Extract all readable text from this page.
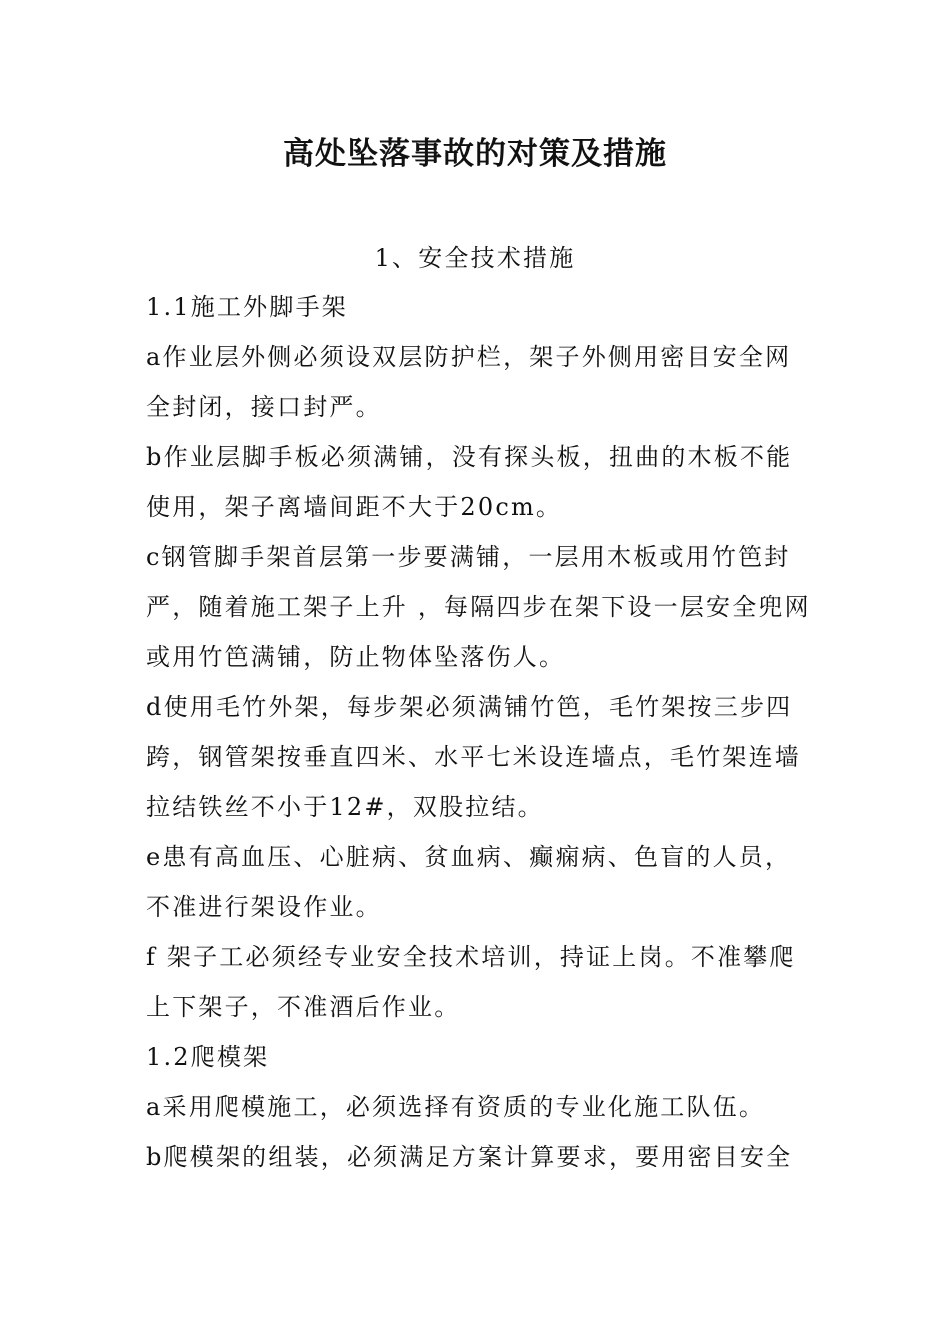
高处坠落事故的对策及措施
1、安全技术措施
1.1施工外脚手架
a作业层外侧必须设双层防护栏，架子外侧用密目安全网
全封闭，接口封严。
b作业层脚手板必须满铺，没有探头板，扭曲的木板不能
使用，架子离墙间距不大于20cm。
c钢管脚手架首层第一步要满铺，一层用木板或用竹笆封
严，随着施工架子上升 ，每隔四步在架下设一层安全兜网
或用竹笆满铺，防止物体坠落伤人。
d使用毛竹外架，每步架必须满铺竹笆，毛竹架按三步四
跨，钢管架按垂直四米、水平七米设连墙点，毛竹架连墙
拉结铁丝不小于12#，双股拉结。
e患有高血压、心脏病、贫血病、癫痫病、色盲的人员，
不准进行架设作业。
f 架子工必须经专业安全技术培训，持证上岗。不准攀爬
上下架子，不准酒后作业。
1.2爬模架
a采用爬模施工，必须选择有资质的专业化施工队伍。
b爬模架的组装，必须满足方案计算要求，要用密目安全
